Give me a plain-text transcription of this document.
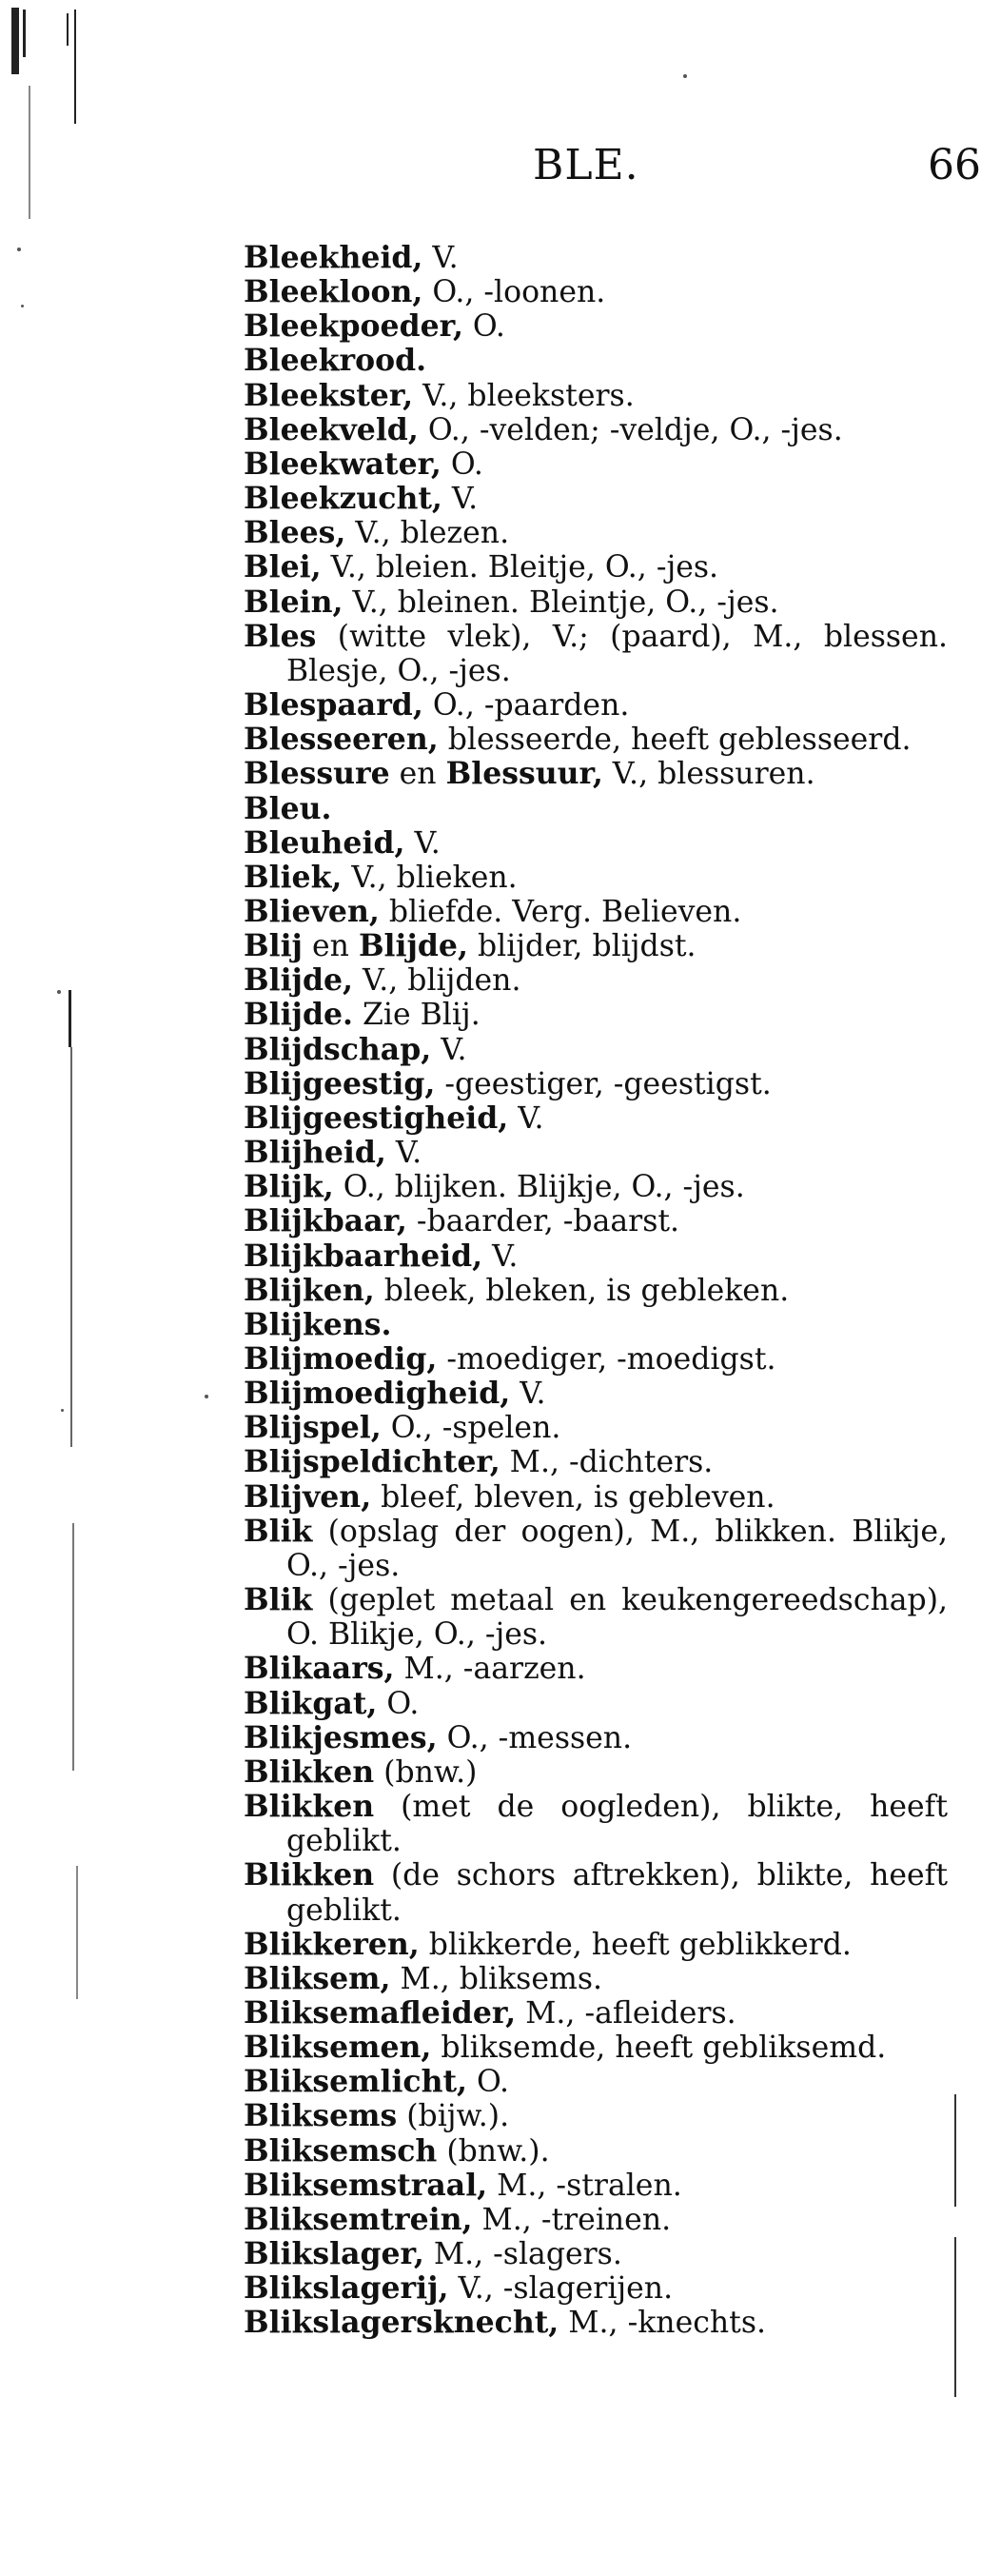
BLE.	66
Bleekheid, V.
Bleekloon, O., -loonen.
Bleekpoeder, O.
Bleekrood.
Bleekster, V., bleeksters.
Bleekveld, O., -velden; -veldje, O., -jes.
Bleekwater, O.
Bleekzucht, V.
Blees, V., blezen.
Blei, V., bleien. Bleitje, O., -jes.
Blein, V., bleinen. Bleintje, O., -jes.
Bles (witte vlek), V.; (paard), M., blessen. Blesje, O., -jes.
Blespaard, O., -paarden.
Blesseeren, blesseerde, heeft geblesseerd.
Blessure en Blessuur, V., blessuren.
Bleu.
Bleuheid, V.
Bliek, V., blieken.
Blieven, bliefde. Verg. Believen.
Blij en Blijde, blijder, blijdst.
Blijde, V., blijden.
Blijde. Zie Blij.
Blijdschap, V.
Blijgeestig, -geestiger, -geestigst.
Blijgeestigheid, V.
Blijheid, V.
Blijk, O., blijken. Blijkje, O., -jes.
Blijkbaar, -baarder, -baarst.
Blijkbaarheid, V.
Blijken, bleek, bleken, is gebleken.
Blijkens.
Blijmoedig, -moediger, -moedigst.
Blijmoedigheid, V.
Blijspel, O., -spelen.
Blijspeldichter, M., -dichters.
Blijven, bleef, bleven, is gebleven.
Blik (opslag der oogen), M., blikken. Blikje, O., -jes.
Blik (geplet metaal en keukengereedschap), O. Blikje, O., -jes.
Blikaars, M., -aarzen.
Blikgat, O.
Blikjesmes, O., -messen.
Blikken (bnw.)
Blikken (met de oogleden), blikte, heeft geblikt.
Blikken (de schors aftrekken), blikte, heeft geblikt.
Blikkeren, blikkerde, heeft geblikkerd.
Bliksem, M., bliksems.
Bliksemafleider, M., -afleiders.
Bliksemen, bliksemde, heeft gebliksemd.
Bliksemlicht, O.
Bliksems (bijw.).
Bliksemsch (bnw.).
Bliksemstraal, M., -stralen.
Bliksemtrein, M., -treinen.
Blikslager, M., -slagers.
Blikslagerij, V., -slagerijen.
Blikslagersknecht, M., -knechts.
